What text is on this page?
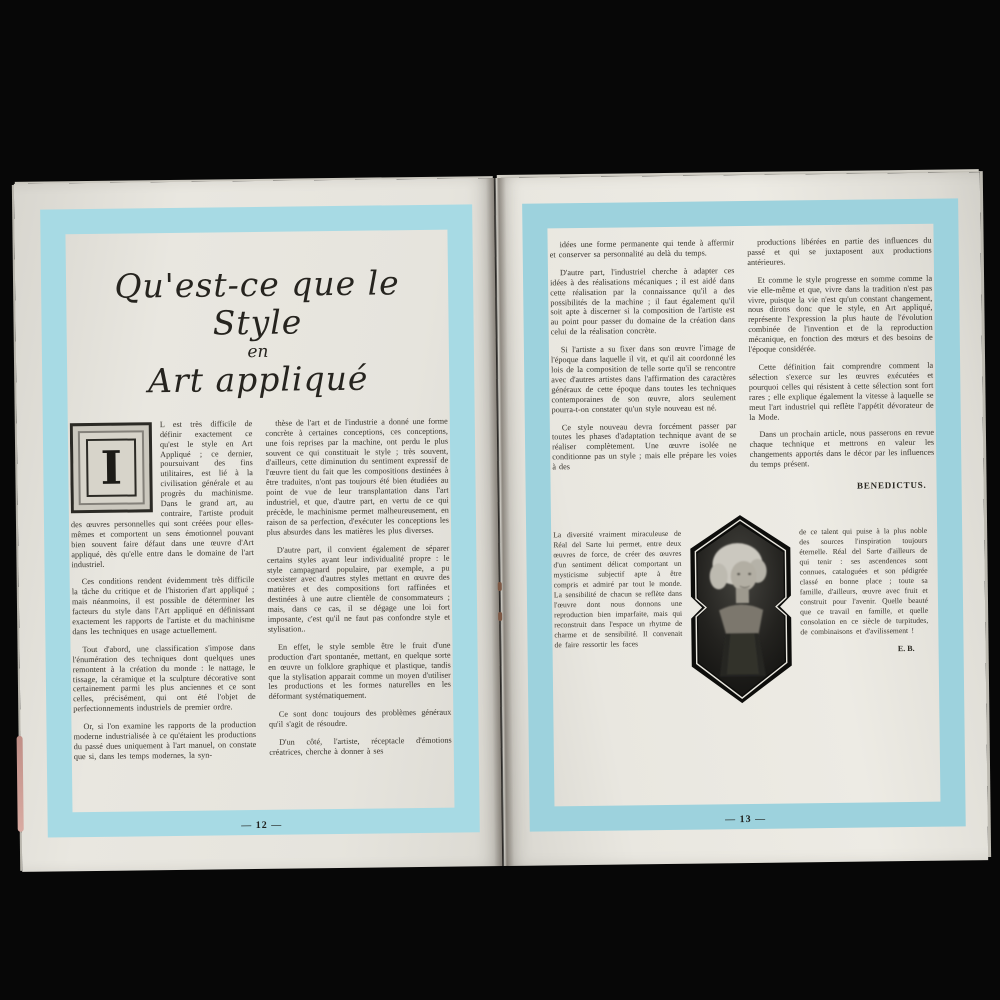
Qu'est-ce que le Style
en
Art appliqué
I

L est très difficile de définir exactement ce qu'est le style en Art Appliqué ; ce dernier, poursuivant des fins utilitaires, est lié à la civilisation générale et au progrès du machinisme. Dans le grand art, au contraire, l'artiste produit des œuvres personnelles qui sont créées pour elles-mêmes et comportent un sens émotionnel pouvant bien souvent faire défaut dans une œuvre d'Art appliqué, dès qu'elle entre dans le domaine de l'art industriel.

Ces conditions rendent évidemment très difficile la tâche du critique et de l'historien d'art appliqué ; mais néanmoins, il est possible de déterminer les facteurs du style dans l'Art appliqué en définissant exactement les rapports de l'artiste et du machinisme dans les techniques en usage actuellement.

Tout d'abord, une classification s'impose dans l'énumération des techniques dont quelques unes remontent à la création du monde : le nattage, le tissage, la céramique et la sculpture décorative sont certainement parmi les plus anciennes et ce sont celles, précisément, qui ont été l'objet de perfectionnements industriels de premier ordre.

Or, si l'on examine les rapports de la production moderne industrialisée à ce qu'étaient les productions du passé dues uniquement à l'art manuel, on constate que si, dans les temps modernes, la syn-

thèse de l'art et de l'industrie a donné une forme concrète à certaines conceptions, ces conceptions, une fois reprises par la machine, ont perdu le plus souvent ce qui constituait le style ; très souvent, d'ailleurs, cette diminution du sentiment expressif de l'œuvre tient du fait que les compositions destinées à être traduites, n'ont pas toujours été bien étudiées au point de vue de leur transplantation dans l'art industriel, et que, d'autre part, en vertu de ce qui précède, le machinisme permet malheureusement, en raison de sa perfection, d'exécuter les conceptions les plus absurdes dans les matières les plus diverses.

D'autre part, il convient également de séparer certains styles ayant leur individualité propre : le style campagnard populaire, par exemple, a pu coexister avec d'autres styles mettant en œuvre des matières et des compositions fort raffinées et destinées à une autre clientèle de consommateurs ; mais, dans ce cas, il se dégage une loi fort imposante, c'est qu'il ne faut pas confondre style et stylisation..

En effet, le style semble être le fruit d'une production d'art spontanée, mettant, en quelque sorte en œuvre un folklore graphique et plastique, tandis que la stylisation apparait comme un moyen d'utiliser les productions et les formes naturelles en les déformant systématiquement.

Ce sont donc toujours des problèmes généraux qu'il s'agit de résoudre.

D'un côté, l'artiste, réceptacle d'émotions créatrices, cherche à donner à ses

— 12 —

idées une forme permanente qui tende à affermir et conserver sa personnalité au delà du temps.

D'autre part, l'industriel cherche à adapter ces idées à des réalisations mécaniques ; il est aidé dans cette réalisation par la connaissance qu'il a des possibilités de la machine ; il faut également qu'il soit apte à discerner si la composition de l'artiste est au point pour passer du domaine de la création dans celui de la réalisation concrète.

Si l'artiste a su fixer dans son œuvre l'image de l'époque dans laquelle il vit, et qu'il ait coordonné les lois de la composition de telle sorte qu'il se rencontre avec d'autres artistes dans l'affirmation des caractères généraux de cette époque dans toutes les techniques contemporaines de son œuvre, alors seulement pourra-t-on constater qu'un style nouveau est né.

Ce style nouveau devra forcément passer par toutes les phases d'adaptation technique avant de se réaliser complètement. Une œuvre isolée ne conditionne pas un style ; mais elle prépare les voies à des

productions libérées en partie des influences du passé et qui se juxtaposent aux productions antérieures.

Et comme le style progresse en somme comme la vie elle-même et que, vivre dans la tradition n'est pas vivre, puisque la vie n'est qu'un constant changement, nous dirons donc que le style, en Art appliqué, représente l'expression la plus haute de l'évolution combinée de l'invention et de la reproduction mécanique, en fonction des mœurs et des besoins de l'époque considérée.

Cette définition fait comprendre comment la sélection s'exerce sur les œuvres exécutées et pourquoi celles qui résistent à cette sélection sont fort rares ; elle explique également la vitesse à laquelle se meut l'art industriel qui reflète l'appétit dévorateur de la Mode.

Dans un prochain article, nous passerons en revue chaque technique et mettrons en valeur les changements apportés dans le décor par les influences du temps présent.

BENEDICTUS.

La diversité vraiment miraculeuse de Réal del Sarte lui permet, entre deux œuvres de force, de créer des œuvres d'un sentiment délicat comportant un mysticisme subjectif apte à être compris et admiré par tout le monde. La sensibilité de chacun se reflète dans l'œuvre dont nous donnons une reproduction bien imparfaite, mais qui reconstruit dans l'espace un rhytme de charme et de sensibilité. Il convenait de faire ressortir les faces

de ce talent qui puise à la plus noble des sources l'inspiration toujours éternelle. Réal del Sarte d'ailleurs de qui tenir : ses ascendences sont connues, cataloguées et son pédigrée classé en bonne place ; toute sa famille, d'ailleurs, œuvre avec fruit et construit pour l'avenir. Quelle beauté que ce travail en famille, et quelle consolation en ce siècle de turpitudes, de combinaisons et d'avilissement !

E. B.
— 13 —
